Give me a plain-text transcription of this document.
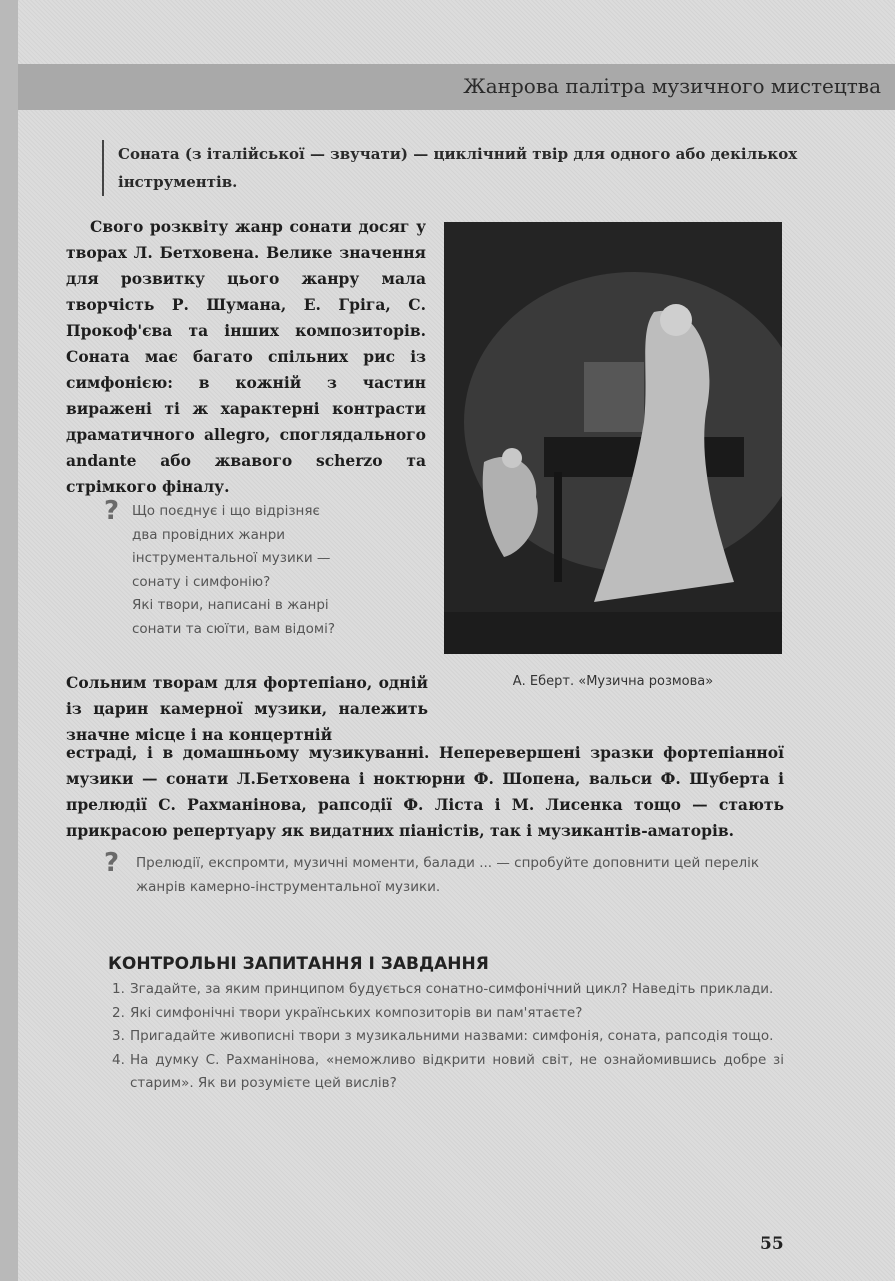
Жанрова палітра музичного мистецтва
Соната (з італійської — звучати) — циклічний твір для одного або декількох інструментів.
Свого розквіту жанр сонати досяг у творах Л. Бетховена. Велике значення для розвитку цього жанру мала творчість Р. Шумана, Е. Гріга, С. Прокоф'єва та інших композиторів. Соната має багато спільних рис із симфонією: в кожній з частин виражені ті ж характерні контрасти драматичного allegro, споглядального andante або жвавого scherzo та стрімкого фіналу.
? Що поєднує і що відрізняє

два провідних жанри

інструментальної музики —

сонату і симфонію?

Які твори, написані в жанрі

сонати та сюїти, вам відомі?

А. Еберт. «Музична розмова»
Сольним творам для фортепіано, одній із царин камерної музики, належить значне місце і на концертній
естраді, і в домашньому музикуванні. Неперевершені зразки фортепіанної музики — сонати Л.Бетховена і ноктюрни Ф. Шопена, вальси Ф. Шуберта і прелюдії С. Рахманінова, рапсодії Ф. Ліста і М. Лисенка тощо — стають прикрасою репертуару як видатних піаністів, так і музикантів-аматорів.
? Прелюдії, експромти, музичні моменти, балади ... — спробуйте доповнити цей перелік жанрів камерно-інструментальної музики.

КОНТРОЛЬНІ ЗАПИТАННЯ І ЗАВДАННЯ
1. Згадайте, за яким принципом будується сонатно-симфонічний цикл? Наведіть приклади.
2. Які симфонічні твори українських композиторів ви пам'ятаєте?
3. Пригадайте живописні твори з музикальними назвами: симфонія, соната, рапсодія тощо.
4. На думку С. Рахманінова, «неможливо відкрити новий світ, не ознайомившись добре зі старим». Як ви розумієте цей вислів?
55
